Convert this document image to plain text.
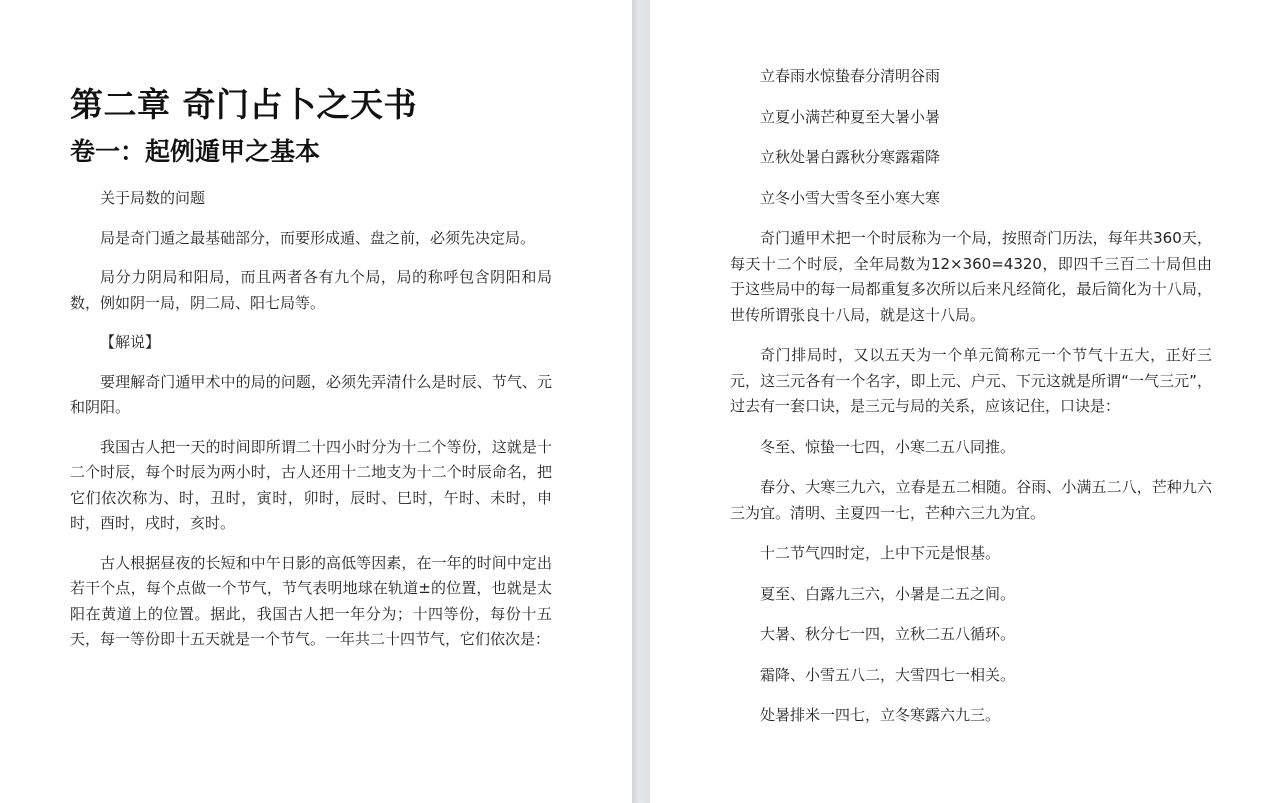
第二章 奇门占卜之天书
卷一：起例遁甲之基本

关于局数的问题

局是奇门遁之最基础部分，而要形成遁、盘之前，必须先决定局。

局分力阴局和阳局，而且两者各有九个局，局的称呼包含阴阳和局数，例如阴一局，阴二局、阳七局等。

【解说】

要理解奇门遁甲术中的局的问题，必须先弄清什么是时辰、节气、元和阴阳。

我国古人把一天的时间即所谓二十四小时分为十二个等份，这就是十二个时辰，每个时辰为两小时，古人还用十二地支为十二个时辰命名，把它们依次称为、时，丑时，寅时，卯时，辰时、巳时，午时、未时，申时，酉时，戌时，亥时。

古人根据昼夜的长短和中午日影的高低等因素，在一年的时间中定出若干个点，每个点做一个节气，节气表明地球在轨道±的位置，也就是太阳在黄道上的位置。据此，我国古人把一年分为；十四等份，每份十五天，每一等份即十五天就是一个节气。一年共二十四节气，它们依次是：

立春雨水惊蛰春分清明谷雨

立夏小满芒种夏至大暑小暑

立秋处暑白露秋分寒露霜降

立冬小雪大雪冬至小寒大寒

奇门遁甲术把一个时辰称为一个局，按照奇门历法，每年共360天，每天十二个时辰，全年局数为12×360=4320，即四千三百二十局但由于这些局中的每一局都重复多次所以后来凡经简化，最后简化为十八局，世传所谓张良十八局，就是这十八局。

奇门排局时，又以五天为一个单元简称元一个节气十五大，正好三元，这三元各有一个名字，即上元、户元、下元这就是所谓“一气三元”，过去有一套口诀，是三元与局的关系，应该记住，口诀是：

冬至、惊蛰一七四，小寒二五八同推。

春分、大寒三九六，立春是五二相随。谷雨、小满五二八，芒种九六三为宜。清明、主夏四一七，芒种六三九为宜。

十二节气四时定，上中下元是恨基。

夏至、白露九三六，小暑是二五之间。

大暑、秋分七一四，立秋二五八循环。

霜降、小雪五八二，大雪四七一相关。

处暑排米一四七，立冬寒露六九三。
